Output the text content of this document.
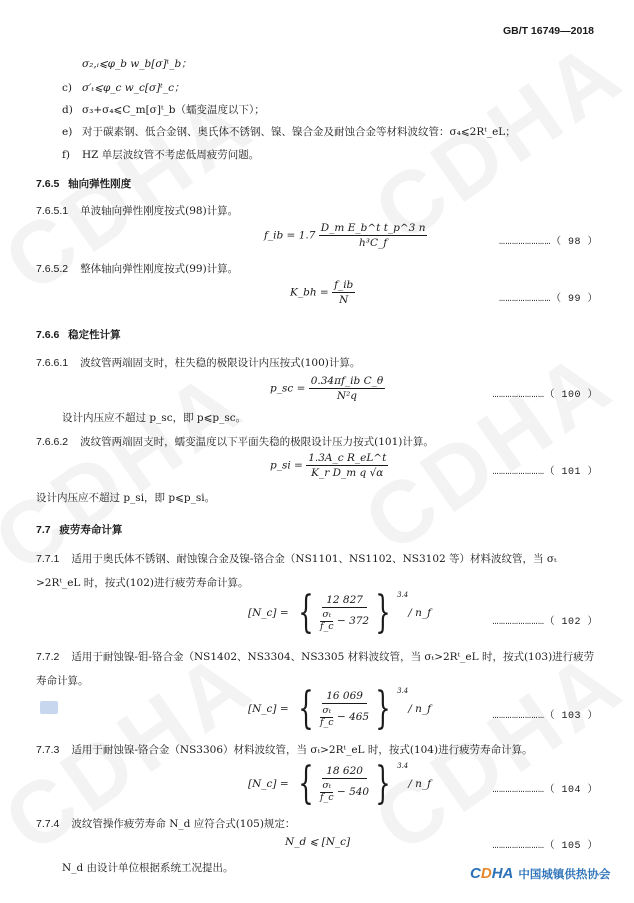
GB/T 16749—2018
σ₂,ᵢ⩽φ_b w_b[σ]ᵗ_b；
c) σ′ₜ⩽φ_c w_c[σ]ᵗ_c；
d) σ₃+σ₄⩽C_m[σ]ᵗ_b（蠕变温度以下）；
e) 对于碳素钢、低合金钢、奥氏体不锈钢、镍、镍合金及耐蚀合金等材料波纹管：σ₄⩽2Rᵗ_eL；
f) HZ 单层波纹管不考虑低周疲劳问题。
7.6.5 轴向弹性刚度
7.6.5.1 单波轴向弹性刚度按式(98)计算。
f_ib = $1.7 \frac{\text{D\_m E\_b\textasciicircum{}t t\_p\textasciicircum{}3 n}}{\text{h³C\_f}}$	……………………（ 98 ）
7.6.5.2 整体轴向弹性刚度按式(99)计算。
K_bh = $\frac{f\_ib}{N}$	……………………（ 99 ）
7.6.6 稳定性计算
7.6.6.1 波纹管两端固支时，柱失稳的极限设计内压按式(100)计算。
p_sc = $\frac{\text{0.34πf\_ib C\_θ}}{\text{N²q}}$	……………………（ 100 ）
设计内压应不超过 p_sc，即 p⩽p_sc。
7.6.6.2 波纹管两端固支时，蠕变温度以下平面失稳的极限设计压力按式(101)计算。
p_si = $\frac{\text{1.3A\_c R\_eL\textasciicircum{}t}}{\text{K\_r D\_m q √α}}$	……………………（ 101 ）
设计内压应不超过 p_si，即 p⩽p_si。
7.7 疲劳寿命计算
7.7.1 适用于奥氏体不锈钢、耐蚀镍合金及镍-铬合金（NS1101、NS1102、NS3102 等）材料波纹管，当 σₜ >2Rᵗ_eL 时，按式(102)进行疲劳寿命计算。
[N_c] =
{	12 827
$\frac{\text{σₜ}}{f\_c}$
− 372 } $^{3.4}$
/ n_f
……………………（ 102 ）
7.7.2 适用于耐蚀镍-钼-铬合金（NS1402、NS3304、NS3305 材料波纹管，当 σₜ>2Rᵗ_eL 时，按式(103)进行疲劳寿命计算。
[N_c] =
{	16 069
$\frac{\text{σₜ}}{f\_c}$
− 465 } $^{3.4}$
/ n_f
……………………（ 103 ）
7.7.3 适用于耐蚀镍-铬合金（NS3306）材料波纹管，当 σₜ>2Rᵗ_eL 时，按式(104)进行疲劳寿命计算。
[N_c] =
{	18 620
$\frac{\text{σₜ}}{f\_c}$
− 540 } $^{3.4}$
/ n_f
……………………（ 104 ）
7.7.4 波纹管操作疲劳寿命 N_d 应符合式(105)规定：
N_d ⩽ [N_c]	……………………（ 105 ）
N_d 由设计单位根据系统工况提出。	CDHA 中国城镇供热协会
